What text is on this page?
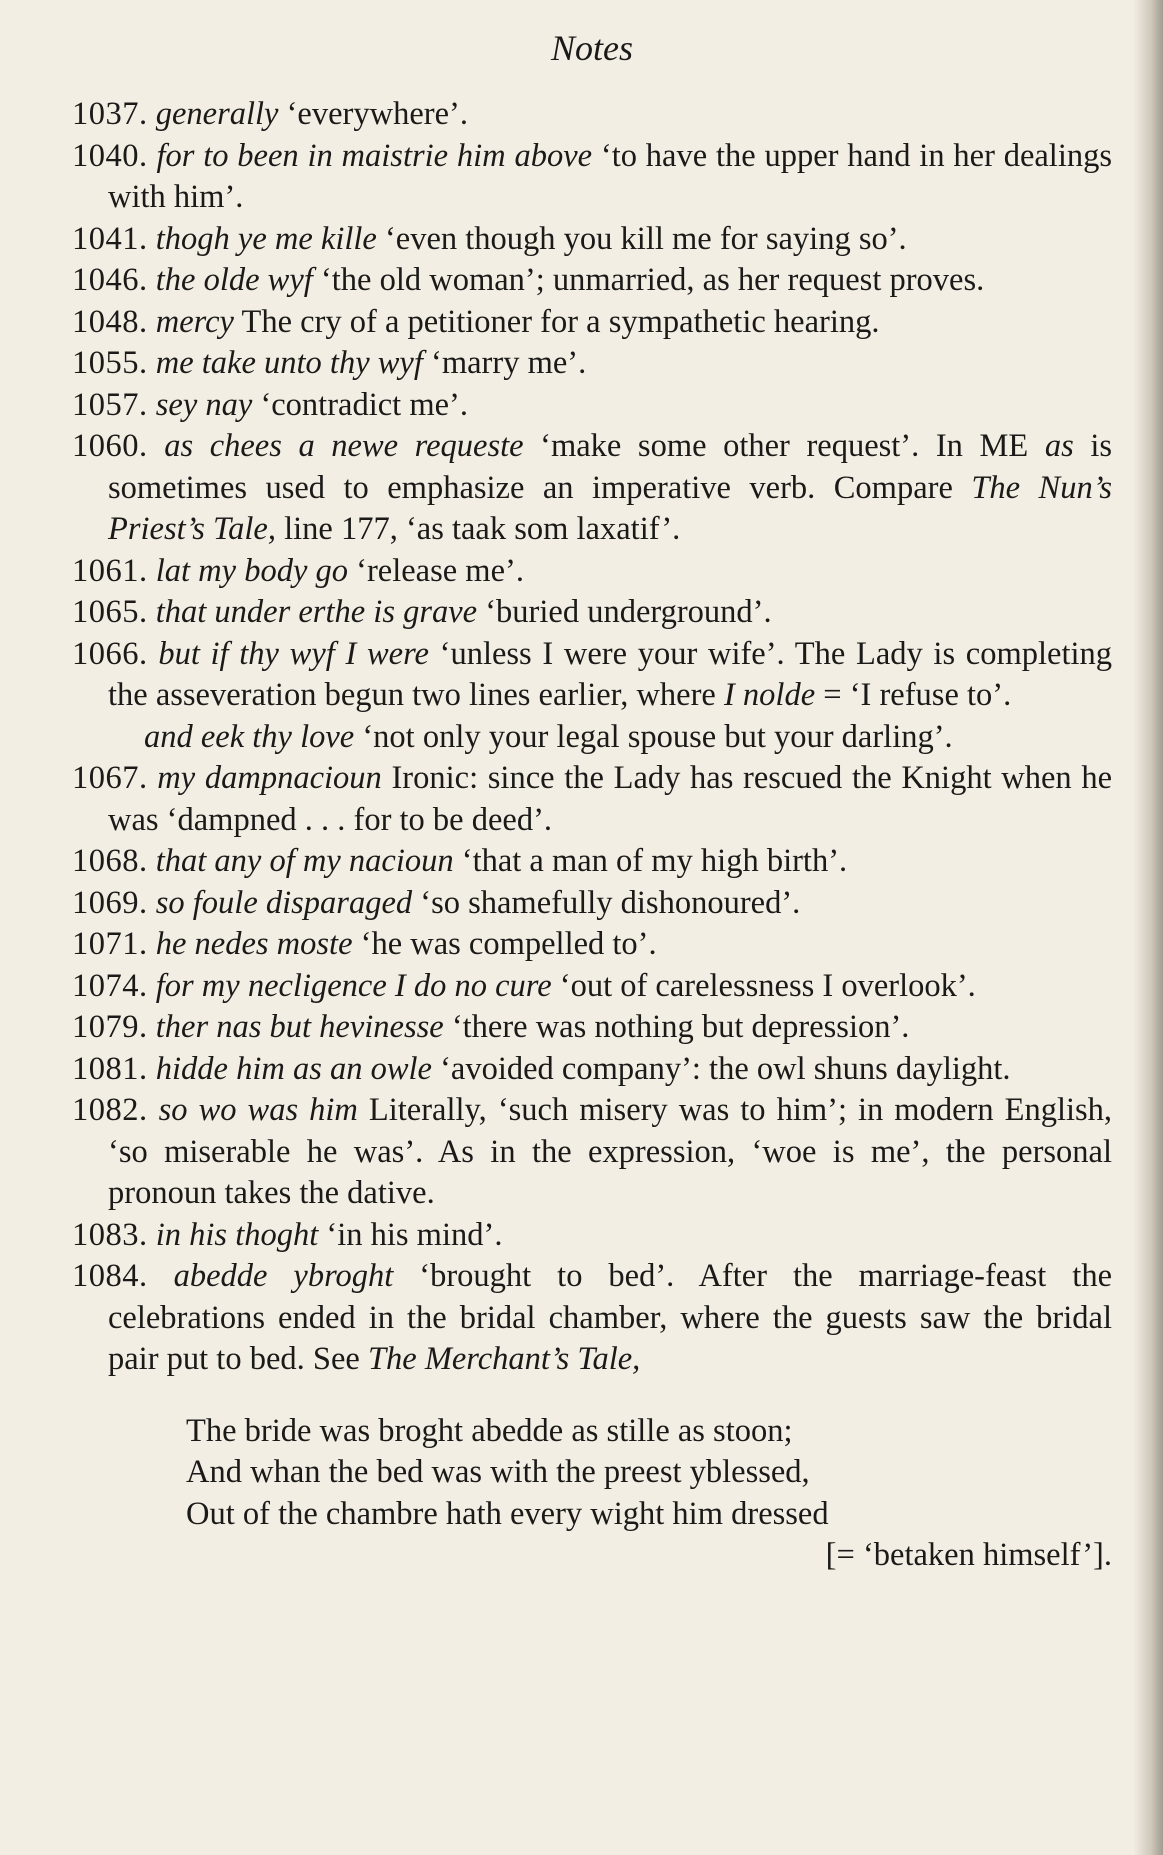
Notes

1037. generally ‘everywhere’.

1040. for to been in maistrie him above ‘to have the upper hand in her dealings with him’.

1041. thogh ye me kille ‘even though you kill me for saying so’.

1046. the olde wyf ‘the old woman’; unmarried, as her request proves.

1048. mercy The cry of a petitioner for a sympathetic hearing.

1055. me take unto thy wyf ‘marry me’.

1057. sey nay ‘contradict me’.

1060. as chees a newe requeste ‘make some other request’. In ME as is sometimes used to emphasize an imperative verb. Compare The Nun’s Priest’s Tale, line 177, ‘as taak som laxatif’.

1061. lat my body go ‘release me’.

1065. that under erthe is grave ‘buried underground’.

1066. but if thy wyf I were ‘unless I were your wife’. The Lady is completing the asseveration begun two lines earlier, where I nolde = ‘I refuse to’.

and eek thy love ‘not only your legal spouse but your darling’.

1067. my dampnacioun Ironic: since the Lady has rescued the Knight when he was ‘dampned . . . for to be deed’.

1068. that any of my nacioun ‘that a man of my high birth’.

1069. so foule disparaged ‘so shamefully dishonoured’.

1071. he nedes moste ‘he was compelled to’.

1074. for my necligence I do no cure ‘out of carelessness I overlook’.

1079. ther nas but hevinesse ‘there was nothing but depression’.

1081. hidde him as an owle ‘avoided company’: the owl shuns daylight.

1082. so wo was him Literally, ‘such misery was to him’; in modern English, ‘so miserable he was’. As in the expression, ‘woe is me’, the personal pronoun takes the dative.

1083. in his thoght ‘in his mind’.

1084. abedde ybroght ‘brought to bed’. After the marriage-feast the celebrations ended in the bridal chamber, where the guests saw the bridal pair put to bed. See The Merchant’s Tale,

The bride was broght abedde as stille as stoon;
And whan the bed was with the preest yblessed,
Out of the chambre hath every wight him dressed
[= ‘betaken himself’].
